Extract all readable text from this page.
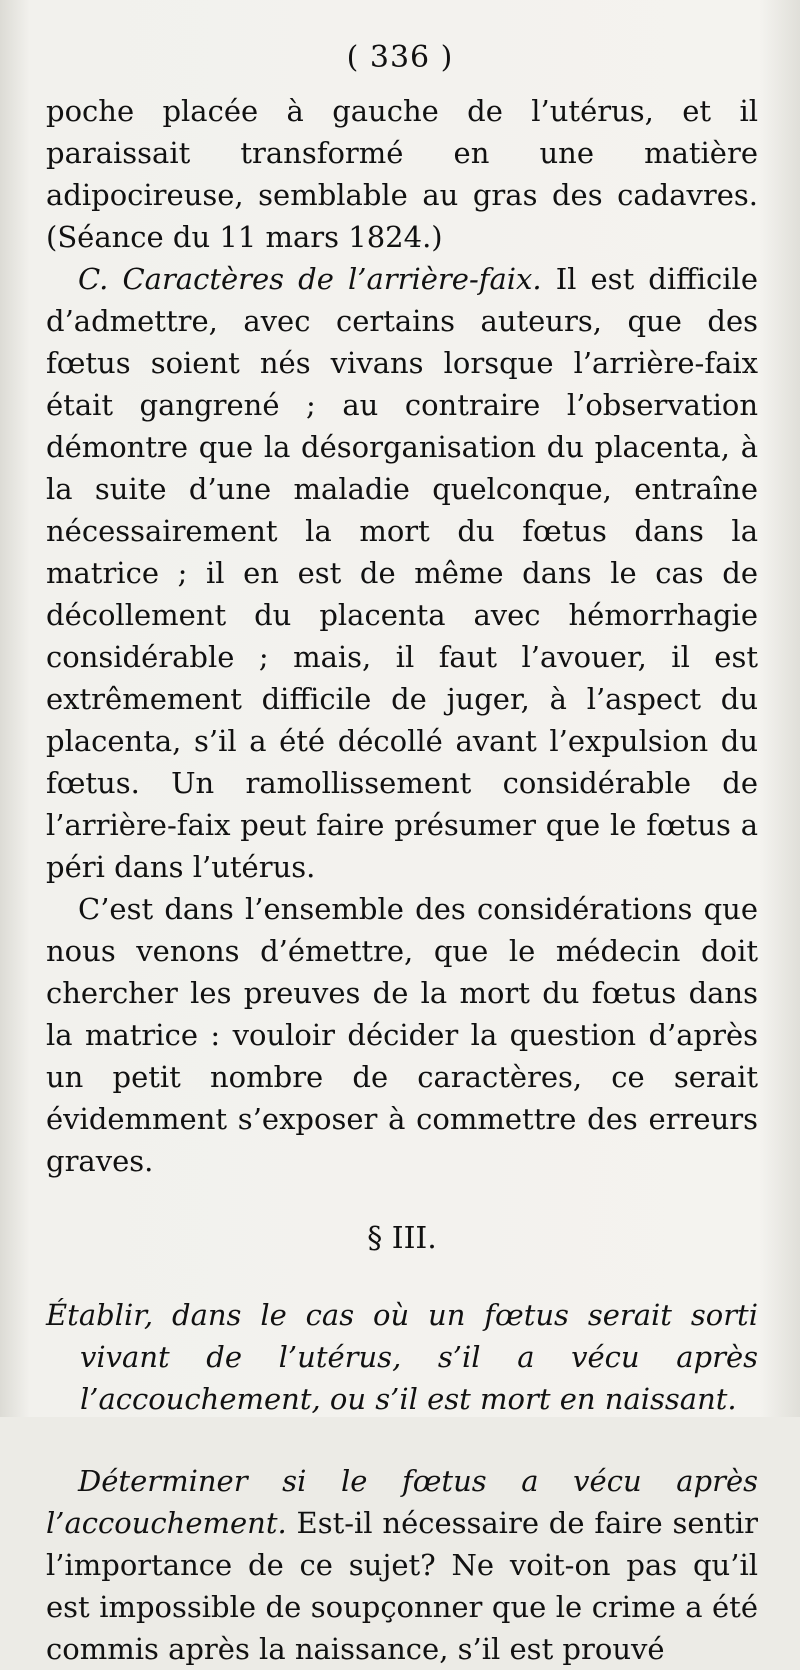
( 336 )

poche placée à gauche de l’utérus, et il paraissait transformé en une matière adipocireuse, semblable au gras des cadavres. (Séance du 11 mars 1824.)

C. Caractères de l’arrière-faix. Il est difficile d’admettre, avec certains auteurs, que des fœtus soient nés vivans lorsque l’arrière-faix était gangrené ; au contraire l’observation démontre que la désorganisation du placenta, à la suite d’une maladie quelconque, entraîne nécessairement la mort du fœtus dans la matrice ; il en est de même dans le cas de décollement du placenta avec hémorrhagie considérable ; mais, il faut l’avouer, il est extrêmement difficile de juger, à l’aspect du placenta, s’il a été décollé avant l’expulsion du fœtus. Un ramollissement considérable de l’arrière-faix peut faire présumer que le fœtus a péri dans l’utérus.

C’est dans l’ensemble des considérations que nous venons d’émettre, que le médecin doit chercher les preuves de la mort du fœtus dans la matrice : vouloir décider la question d’après un petit nombre de caractères, ce serait évidemment s’exposer à commettre des erreurs graves.

§ III.

Établir, dans le cas où un fœtus serait sorti vivant de l’utérus, s’il a vécu après l’accouchement, ou s’il est mort en naissant.

Déterminer si le fœtus a vécu après l’accouchement. Est-il nécessaire de faire sentir l’importance de ce sujet? Ne voit-on pas qu’il est impossible de soupçonner que le crime a été commis après la naissance, s’il est prouvé
